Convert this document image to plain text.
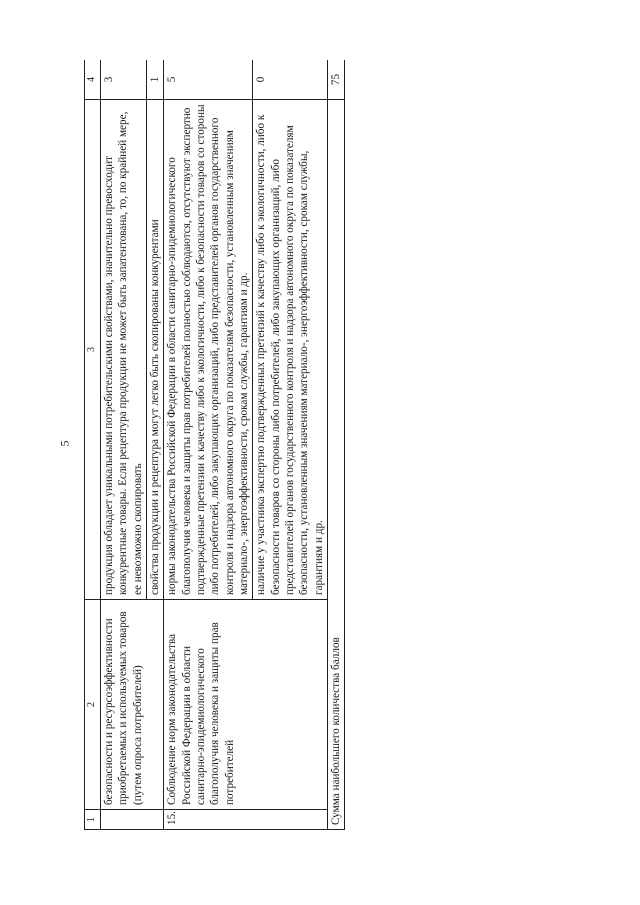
5
1	2	3	4
	безопасности и ресурсоэффективности приобретаемых и используемых товаров (путем опроса потребителей)	продукция обладает уникальными потребительскими свойствами, значительно превосходит конкурентные товары. Если рецептура продукции не может быть запатентована, то, по крайней мере, ее невозможно скопировать	3
		свойства продукции и рецептура могут легко быть скопированы конкурентами	1
15.	Соблюдение норм законодательства Российской Федерации в области санитарно-эпидемиологического благополучия человека и защиты прав потребителей	нормы законодательства Российской Федерации в области санитарно-эпидемиологического благополучия человека и защиты прав потребителей полностью соблюдаются, отсутствуют экспертно подтвержденные претензии к качеству либо к экологичности, либо к безопасности товаров со стороны либо потребителей, либо закупающих организаций, либо представителей органов государственного контроля и надзора автономного округа по показателям безопасности, установленным значениям материало-, энергоэффективности, срокам службы, гарантиям и др.	5
		наличие у участника экспертно подтвержденных претензий к качеству либо к экологичности, либо к безопасности товаров со стороны либо потребителей, либо закупающих организаций, либо представителей органов государственного контроля и надзора автономного округа по показателям безопасности, установленным значениям материало-, энергоэффективности, срокам службы, гарантиям и др.	0
Сумма наибольшего количества баллов			75
